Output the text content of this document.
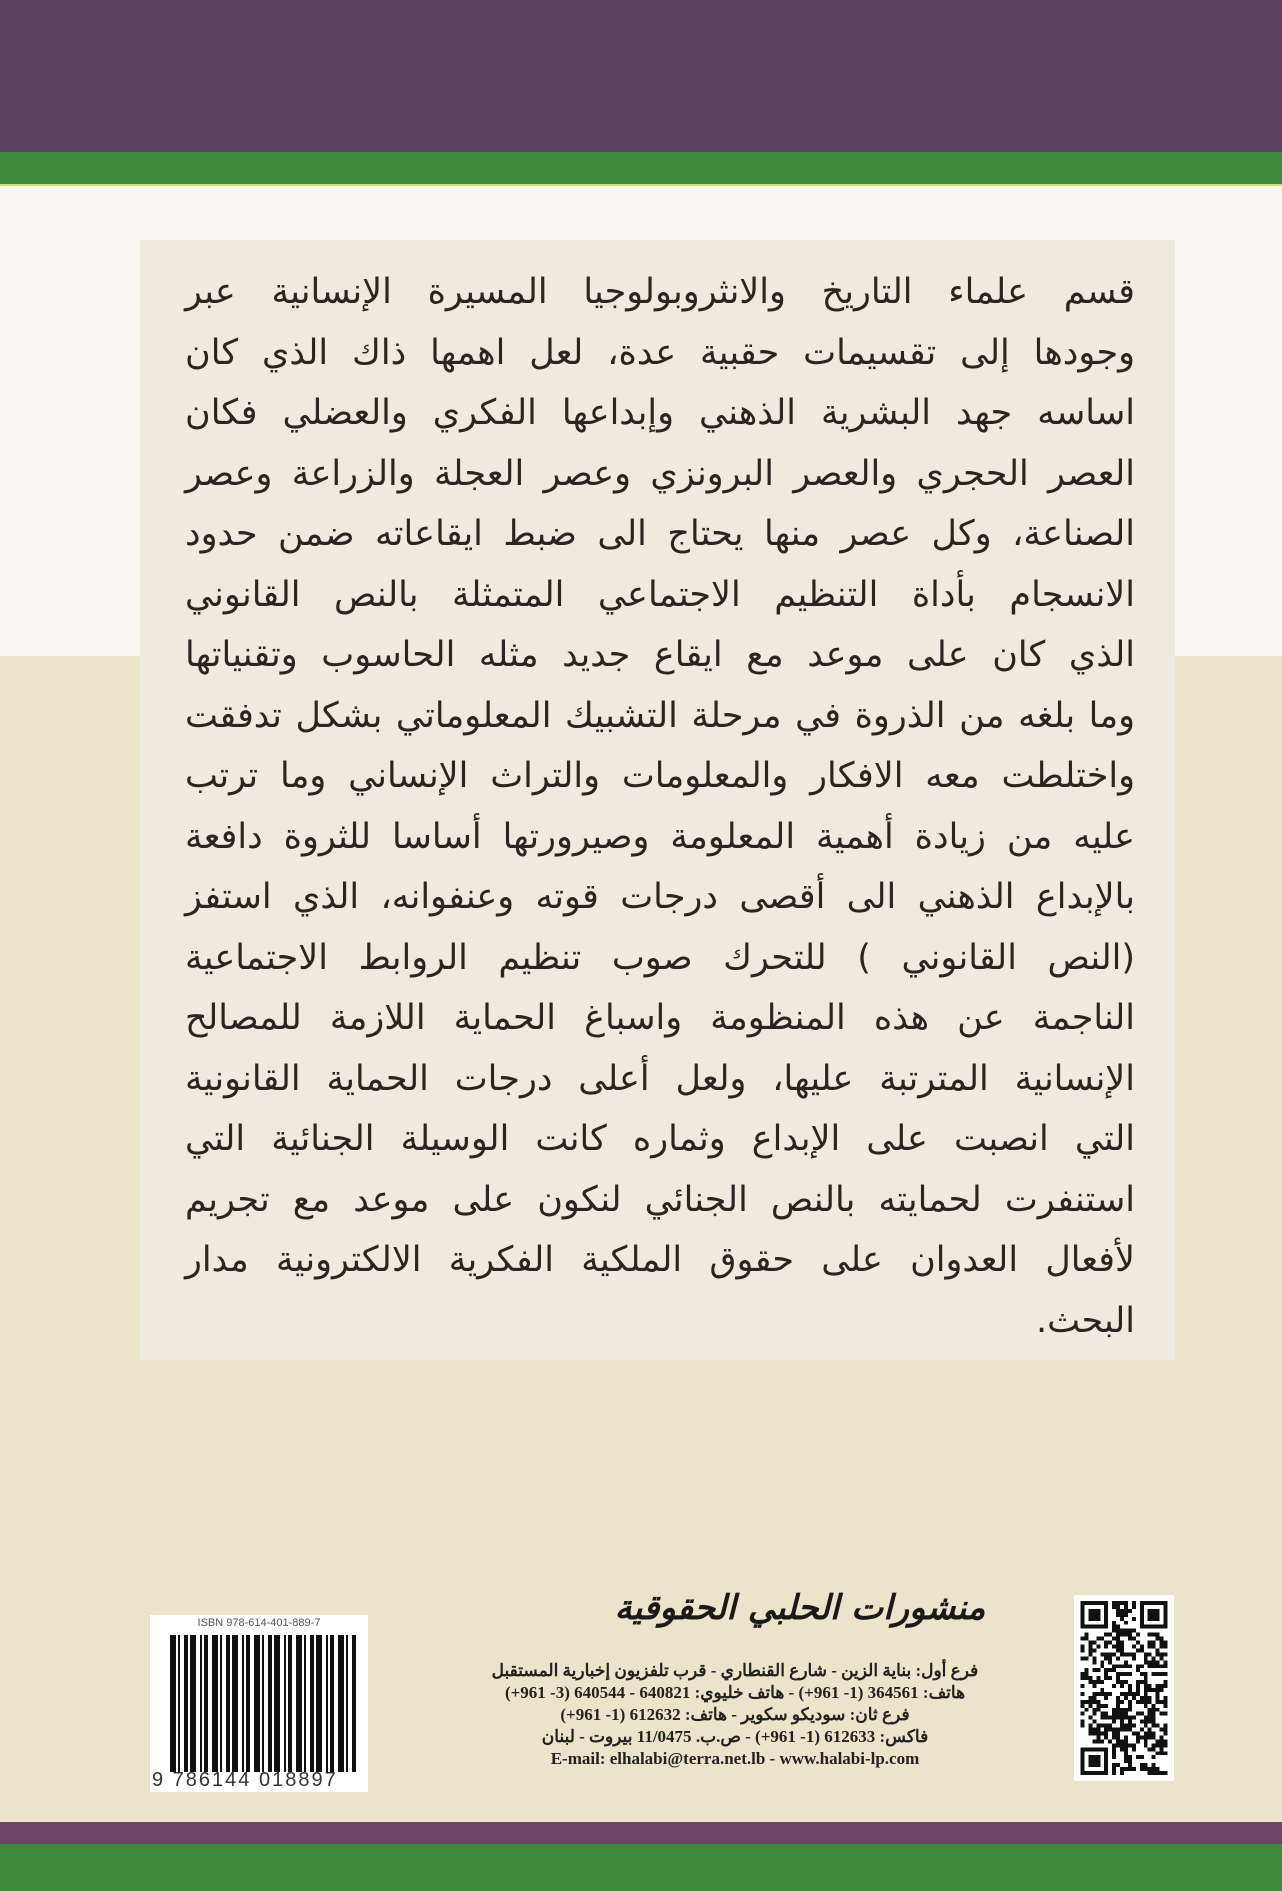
قسم علماء التاريخ والانثروبولوجيا المسيرة الإنسانية عبر
وجودها إلى تقسيمات حقبية عدة، لعل اهمها ذاك الذي كان
اساسه جهد البشرية الذهني وإبداعها الفكري والعضلي فكان
العصر الحجري والعصر البرونزي وعصر العجلة والزراعة وعصر
الصناعة، وكل عصر منها يحتاج الى ضبط ايقاعاته ضمن حدود
الانسجام بأداة التنظيم الاجتماعي المتمثلة بالنص القانوني
الذي كان على موعد مع ايقاع جديد مثله الحاسوب وتقنياتها
وما بلغه من الذروة في مرحلة التشبيك المعلوماتي بشكل تدفقت
واختلطت معه الافكار والمعلومات والتراث الإنساني وما ترتب
عليه من زيادة أهمية المعلومة وصيرورتها أساسا للثروة دافعة
بالإبداع الذهني الى أقصى درجات قوته وعنفوانه، الذي استفز
(النص القانوني ) للتحرك صوب تنظيم الروابط الاجتماعية
الناجمة عن هذه المنظومة واسباغ الحماية اللازمة للمصالح
الإنسانية المترتبة عليها، ولعل أعلى درجات الحماية القانونية
التي انصبت على الإبداع وثماره كانت الوسيلة الجنائية التي
استنفرت لحمايته بالنص الجنائي لنكون على موعد مع تجريم
لأفعال العدوان على حقوق الملكية الفكرية الالكترونية مدار
البحث.
منشورات الحلبي الحقوقية
فرع أول: بناية الزين - شارع القنطاري - قرب تلفزيون إخبارية المستقبل
هاتف: 364561 (1- 961+) - هاتف خليوي: 640821 - 640544 (3- 961+)
فرع ثان: سوديكو سكوير - هاتف: 612632 (1- 961+)
فاكس: 612633 (1- 961+) - ص.ب. 11/0475 بيروت - لبنان
E-mail: elhalabi@terra.net.lb - www.halabi-lp.com
ISBN 978-614-401-889-7
9 786144 018897
